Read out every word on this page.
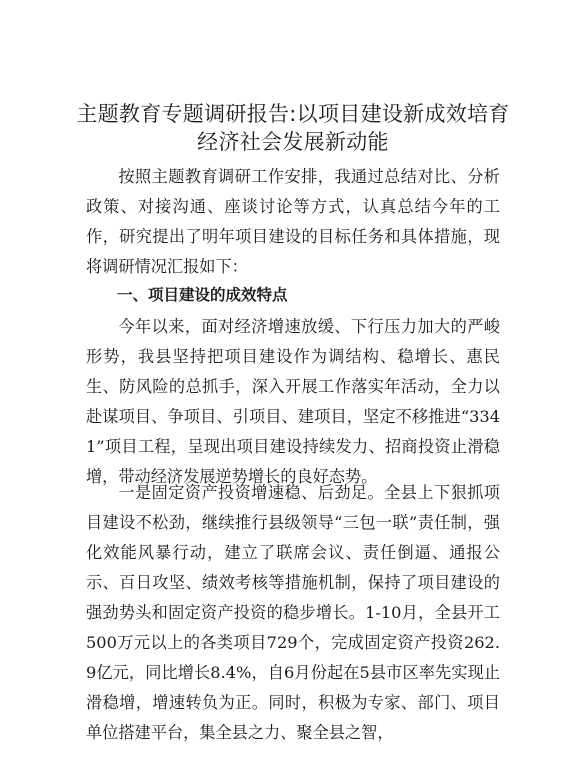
主题教育专题调研报告:以项目建设新成效培育经济社会发展新动能

按照主题教育调研工作安排，我通过总结对比、分析政策、对接沟通、座谈讨论等方式，认真总结今年的工作，研究提出了明年项目建设的目标任务和具体措施，现将调研情况汇报如下：

一、项目建设的成效特点

今年以来，面对经济增速放缓、下行压力加大的严峻形势，我县坚持把项目建设作为调结构、稳增长、惠民生、防风险的总抓手，深入开展工作落实年活动，全力以赴谋项目、争项目、引项目、建项目，坚定不移推进“3341”项目工程，呈现出项目建设持续发力、招商投资止滑稳增，带动经济发展逆势增长的良好态势。

一是固定资产投资增速稳、后劲足。全县上下狠抓项目建设不松劲，继续推行县级领导“三包一联”责任制，强化效能风暴行动，建立了联席会议、责任倒逼、通报公示、百日攻坚、绩效考核等措施机制，保持了项目建设的强劲势头和固定资产投资的稳步增长。1-10月，全县开工500万元以上的各类项目729个，完成固定资产投资262.9亿元，同比增长8.4%，自6月份起在5县市区率先实现止滑稳增，增速转负为正。同时，积极为专家、部门、项目单位搭建平台，集全县之力、聚全县之智，
